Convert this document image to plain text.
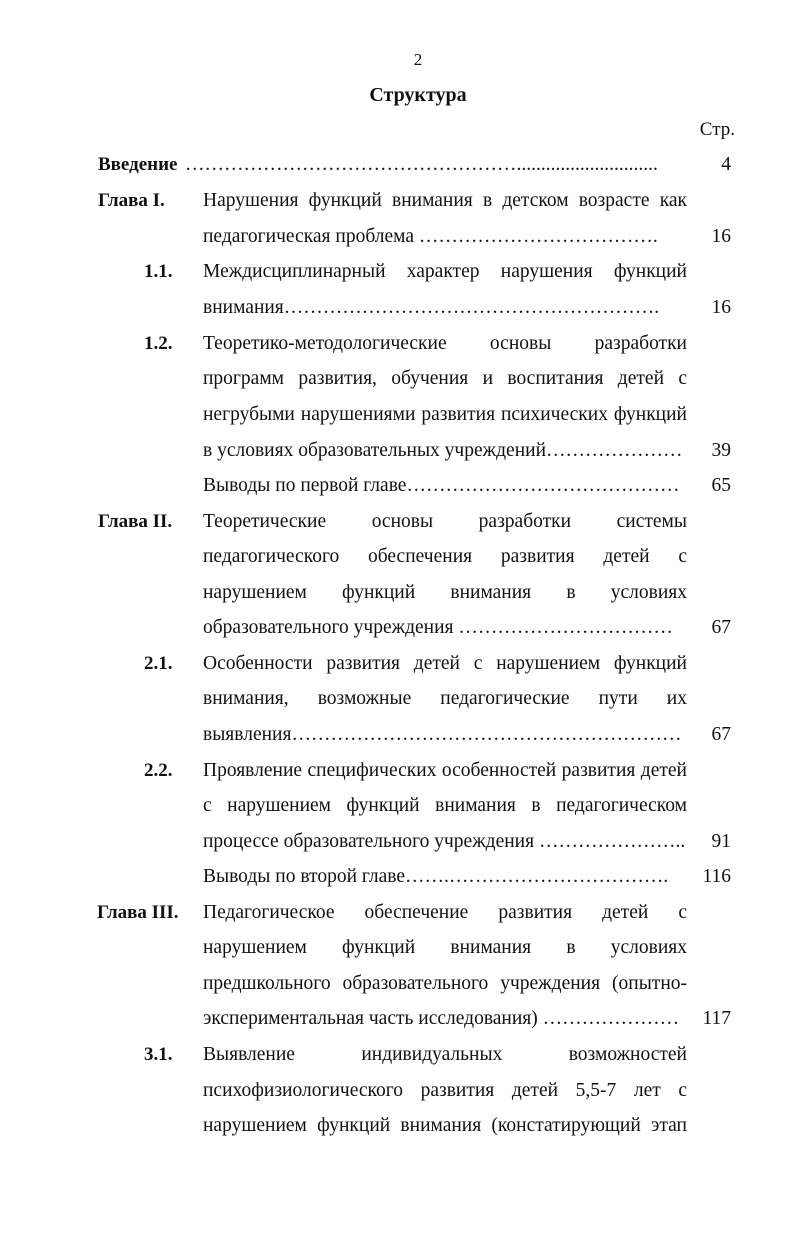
2
Структура
Стр.
Введение …………………………………………….............................	4
Глава I. Нарушения функций внимания в детском возрасте как
педагогическая проблема ……………………………….	16
1.1. Междисциплинарный характер нарушения функций
внимания………………………………………………….	16
1.2. Теоретико-методологические основы разработки
программ развития, обучения и воспитания детей с
негрубыми нарушениями развития психических функций
в условиях образовательных учреждений…………………	39
Выводы по первой главе……………………………………	65
Глава II. Теоретические основы разработки системы
педагогического обеспечения развития детей с
нарушением функций внимания в условиях
образовательного учреждения ……………………………	67
2.1. Особенности развития детей с нарушением функций
внимания, возможные педагогические пути их
выявления……………………………………………………	67
2.2. Проявление специфических особенностей развития детей
с нарушением функций внимания в педагогическом
процессе образовательного учреждения …………………..	91
Выводы по второй главе…….…………………………….	116
Глава III. Педагогическое обеспечение развития детей с
нарушением функций внимания в условиях
предшкольного образовательного учреждения (опытно-
экспериментальная часть исследования) …………………	117
3.1. Выявление индивидуальных возможностей
психофизиологического развития детей 5,5-7 лет с
нарушением функций внимания (констатирующий этап
